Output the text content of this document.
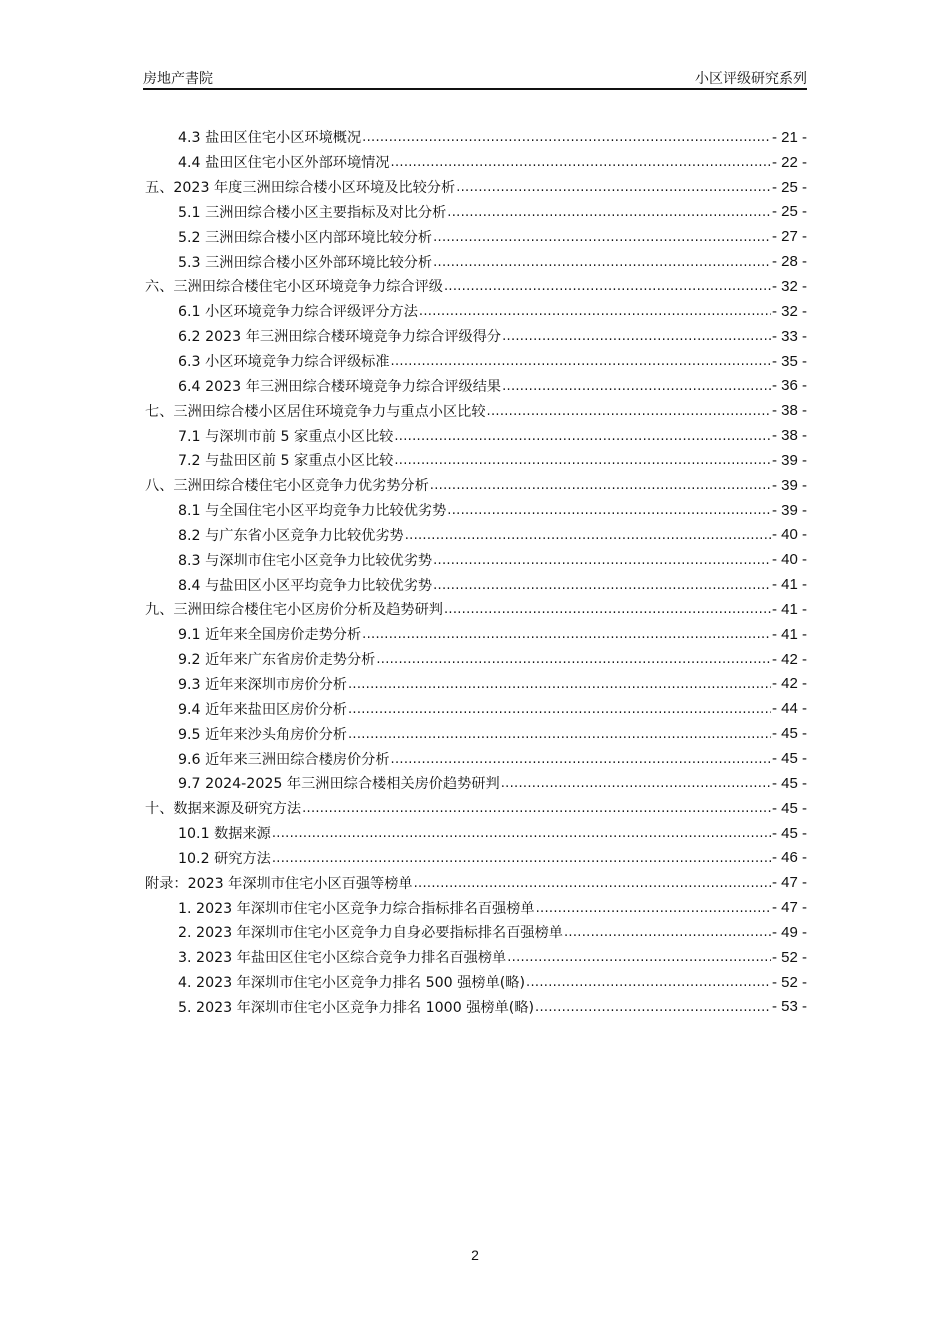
房地产書院	小区评级研究系列
4.3 盐田区住宅小区环境概况 .....	- 21 -
4.4 盐田区住宅小区外部环境情况 .....	- 22 -
五、2023 年度三洲田综合楼小区环境及比较分析 .....	- 25 -
5.1 三洲田综合楼小区主要指标及对比分析 .....	- 25 -
5.2 三洲田综合楼小区内部环境比较分析 .....	- 27 -
5.3 三洲田综合楼小区外部环境比较分析 .....	- 28 -
六、三洲田综合楼住宅小区环境竞争力综合评级 .....	- 32 -
6.1 小区环境竞争力综合评级评分方法 .....	- 32 -
6.2 2023 年三洲田综合楼环境竞争力综合评级得分 .....	- 33 -
6.3 小区环境竞争力综合评级标准 .....	- 35 -
6.4 2023 年三洲田综合楼环境竞争力综合评级结果 .....	- 36 -
七、三洲田综合楼小区居住环境竞争力与重点小区比较 .....	- 38 -
7.1 与深圳市前 5 家重点小区比较 .....	- 38 -
7.2 与盐田区前 5 家重点小区比较 .....	- 39 -
八、三洲田综合楼住宅小区竞争力优劣势分析 .....	- 39 -
8.1 与全国住宅小区平均竞争力比较优劣势 .....	- 39 -
8.2 与广东省小区竞争力比较优劣势 .....	- 40 -
8.3 与深圳市住宅小区竞争力比较优劣势 .....	- 40 -
8.4 与盐田区小区平均竞争力比较优劣势 .....	- 41 -
九、三洲田综合楼住宅小区房价分析及趋势研判 .....	- 41 -
9.1 近年来全国房价走势分析 .....	- 41 -
9.2 近年来广东省房价走势分析 .....	- 42 -
9.3 近年来深圳市房价分析 .....	- 42 -
9.4 近年来盐田区房价分析 .....	- 44 -
9.5 近年来沙头角房价分析 .....	- 45 -
9.6 近年来三洲田综合楼房价分析 .....	- 45 -
9.7 2024-2025 年三洲田综合楼相关房价趋势研判 .....	- 45 -
十、数据来源及研究方法 .....	- 45 -
10.1 数据来源 .....	- 45 -
10.2 研究方法 .....	- 46 -
附录：2023 年深圳市住宅小区百强等榜单 .....	- 47 -
1. 2023 年深圳市住宅小区竞争力综合指标排名百强榜单 .....	- 47 -
2. 2023 年深圳市住宅小区竞争力自身必要指标排名百强榜单 .....	- 49 -
3. 2023 年盐田区住宅小区综合竞争力排名百强榜单 .....	- 52 -
4. 2023 年深圳市住宅小区竞争力排名 500 强榜单(略) .....	- 52 -
5. 2023 年深圳市住宅小区竞争力排名 1000 强榜单(略) .....	- 53 -
2
